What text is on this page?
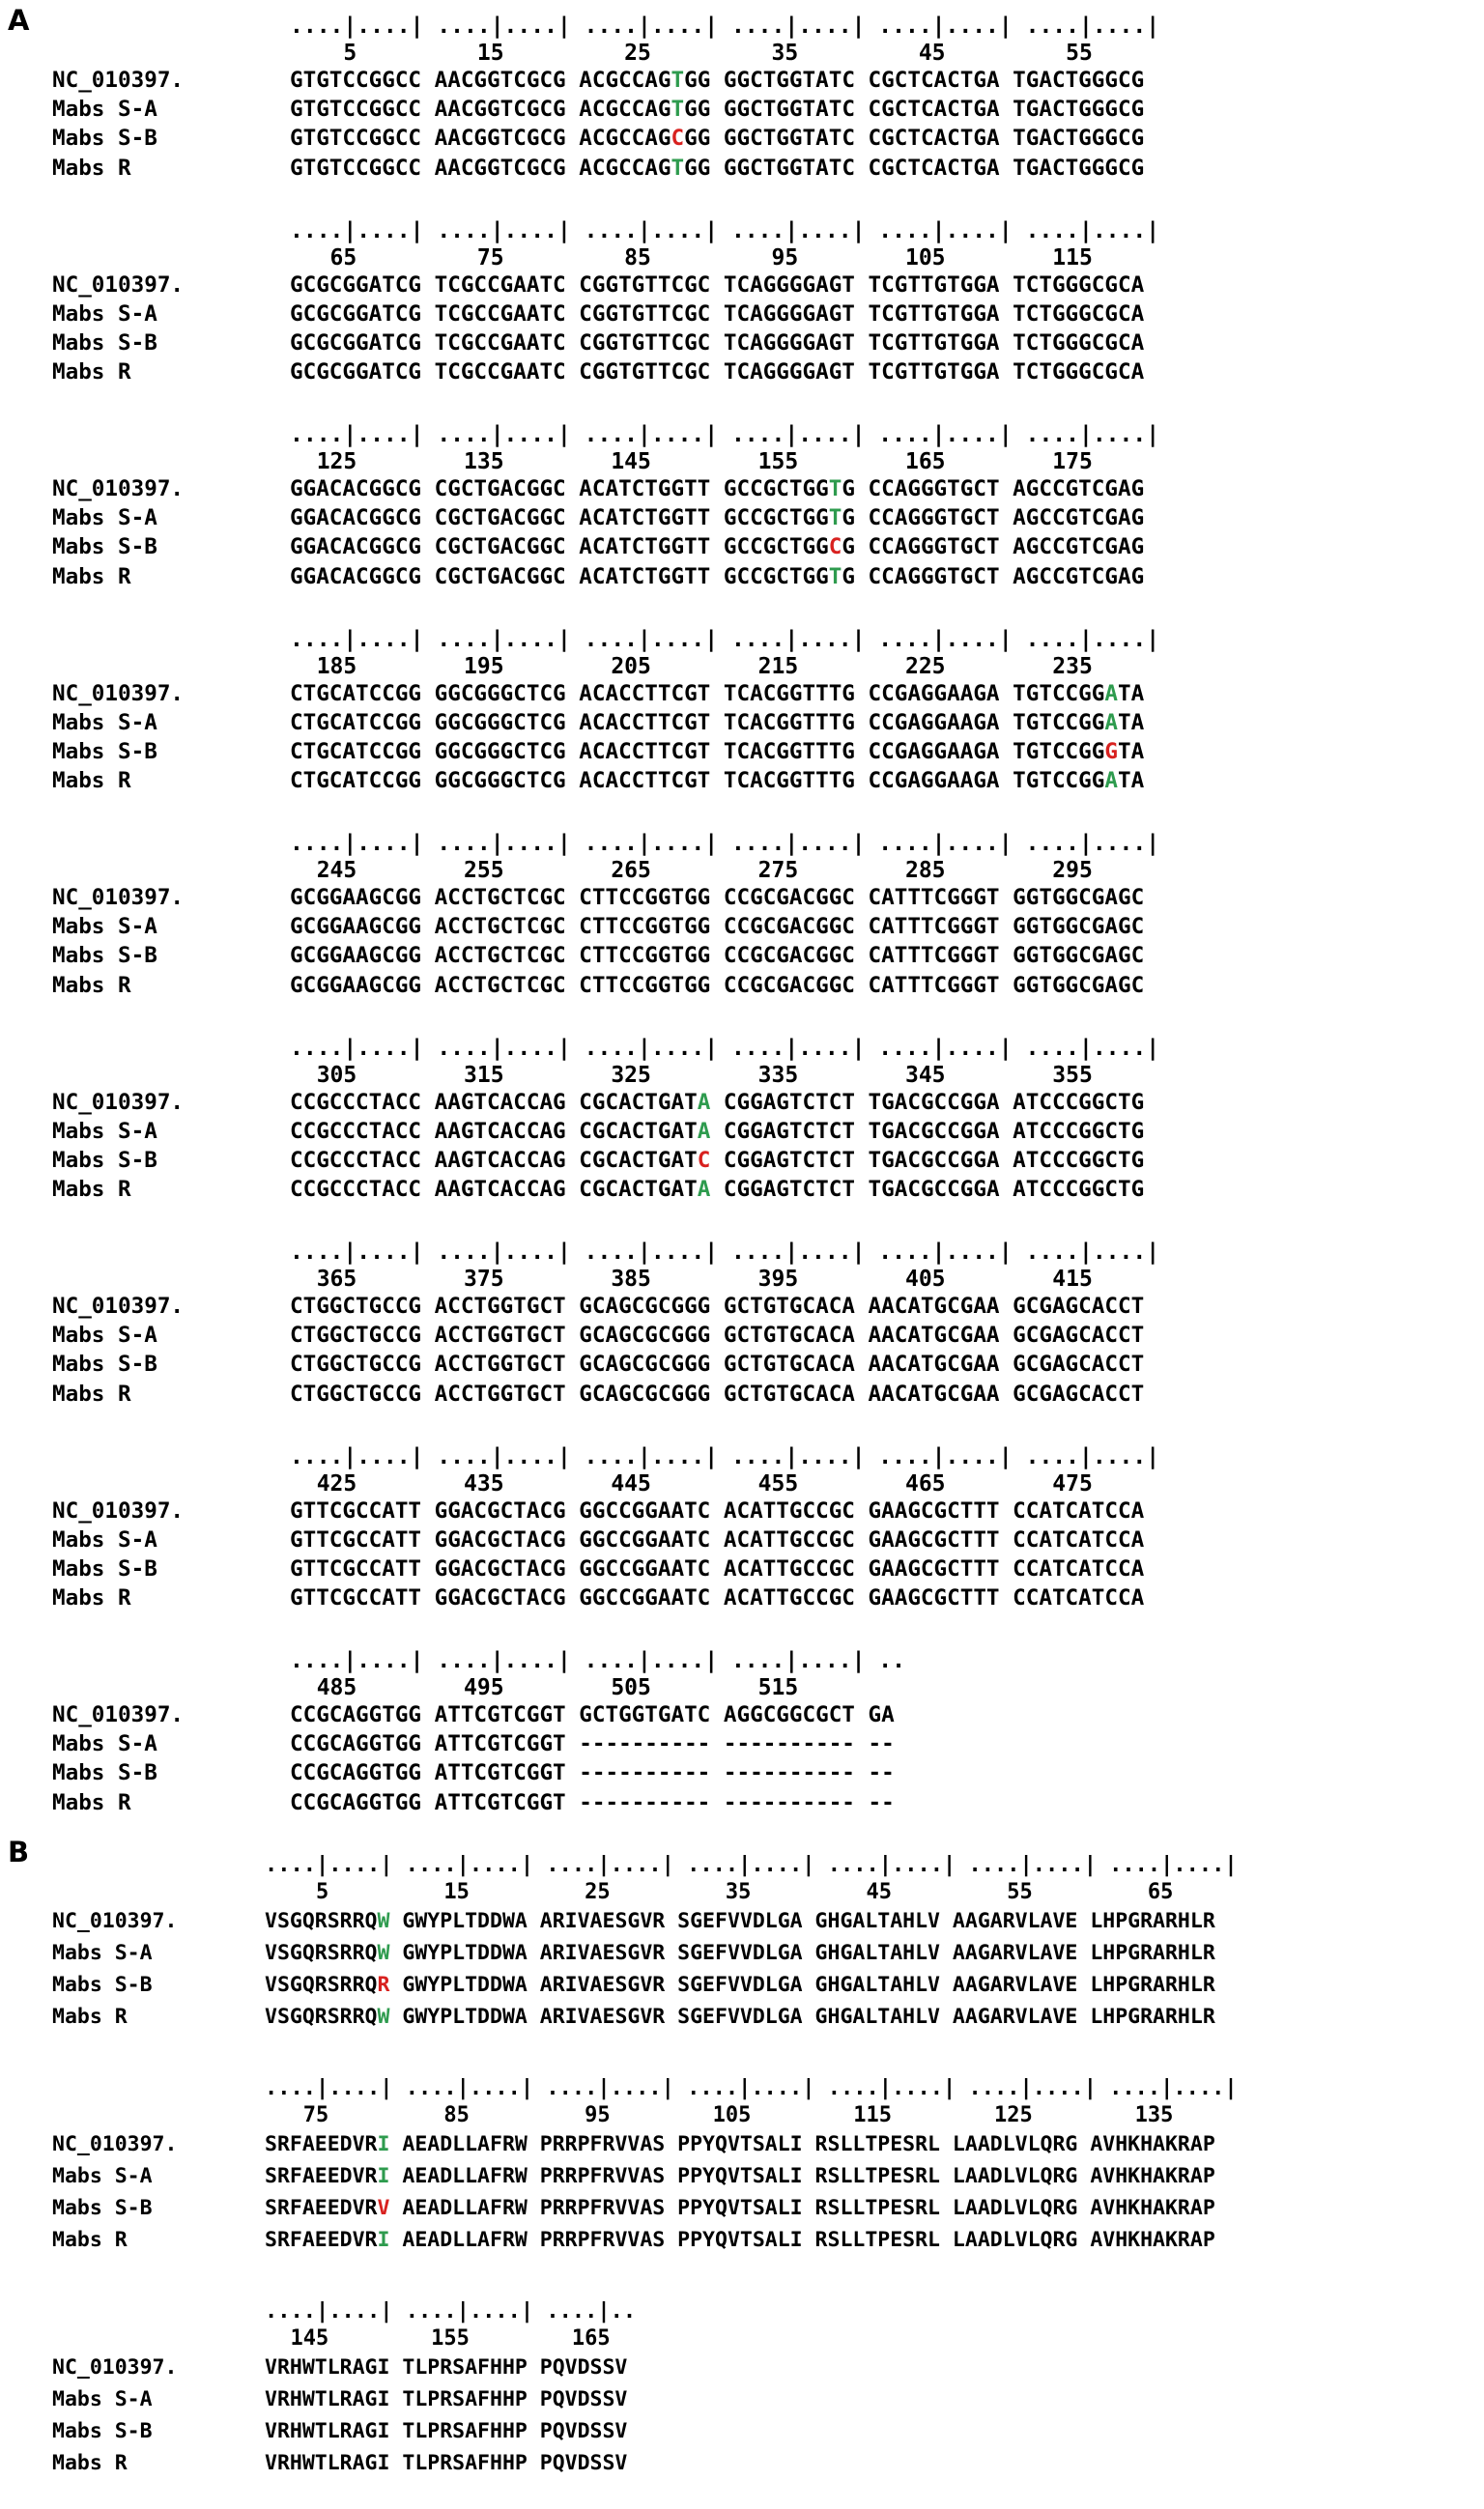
A	....|....| ....|....| ....|....| ....|....| ....|....| ....|....|
5         15         25         35         45         55
NC_010397.	GTGTCCGGCC AACGGTCGCG ACGCCAGTGG GGCTGGTATC CGCTCACTGA TGACTGGGCG
Mabs S-A	GTGTCCGGCC AACGGTCGCG ACGCCAGTGG GGCTGGTATC CGCTCACTGA TGACTGGGCG
Mabs S-B	GTGTCCGGCC AACGGTCGCG ACGCCAGCGG GGCTGGTATC CGCTCACTGA TGACTGGGCG
Mabs R	GTGTCCGGCC AACGGTCGCG ACGCCAGTGG GGCTGGTATC CGCTCACTGA TGACTGGGCG
....|....| ....|....| ....|....| ....|....| ....|....| ....|....|
65         75         85         95        105        115
NC_010397.	GCGCGGATCG TCGCCGAATC CGGTGTTCGC TCAGGGGAGT TCGTTGTGGA TCTGGGCGCA
Mabs S-A	GCGCGGATCG TCGCCGAATC CGGTGTTCGC TCAGGGGAGT TCGTTGTGGA TCTGGGCGCA
Mabs S-B	GCGCGGATCG TCGCCGAATC CGGTGTTCGC TCAGGGGAGT TCGTTGTGGA TCTGGGCGCA
Mabs R	GCGCGGATCG TCGCCGAATC CGGTGTTCGC TCAGGGGAGT TCGTTGTGGA TCTGGGCGCA
....|....| ....|....| ....|....| ....|....| ....|....| ....|....|
125        135        145        155        165        175
NC_010397.	GGACACGGCG CGCTGACGGC ACATCTGGTT GCCGCTGGTG CCAGGGTGCT AGCCGTCGAG
Mabs S-A	GGACACGGCG CGCTGACGGC ACATCTGGTT GCCGCTGGTG CCAGGGTGCT AGCCGTCGAG
Mabs S-B	GGACACGGCG CGCTGACGGC ACATCTGGTT GCCGCTGGCG CCAGGGTGCT AGCCGTCGAG
Mabs R	GGACACGGCG CGCTGACGGC ACATCTGGTT GCCGCTGGTG CCAGGGTGCT AGCCGTCGAG
....|....| ....|....| ....|....| ....|....| ....|....| ....|....|
185        195        205        215        225        235
NC_010397.	CTGCATCCGG GGCGGGCTCG ACACCTTCGT TCACGGTTTG CCGAGGAAGA TGTCCGGATA
Mabs S-A	CTGCATCCGG GGCGGGCTCG ACACCTTCGT TCACGGTTTG CCGAGGAAGA TGTCCGGATA
Mabs S-B	CTGCATCCGG GGCGGGCTCG ACACCTTCGT TCACGGTTTG CCGAGGAAGA TGTCCGGGTA
Mabs R	CTGCATCCGG GGCGGGCTCG ACACCTTCGT TCACGGTTTG CCGAGGAAGA TGTCCGGATA
....|....| ....|....| ....|....| ....|....| ....|....| ....|....|
245        255        265        275        285        295
NC_010397.	GCGGAAGCGG ACCTGCTCGC CTTCCGGTGG CCGCGACGGC CATTTCGGGT GGTGGCGAGC
Mabs S-A	GCGGAAGCGG ACCTGCTCGC CTTCCGGTGG CCGCGACGGC CATTTCGGGT GGTGGCGAGC
Mabs S-B	GCGGAAGCGG ACCTGCTCGC CTTCCGGTGG CCGCGACGGC CATTTCGGGT GGTGGCGAGC
Mabs R	GCGGAAGCGG ACCTGCTCGC CTTCCGGTGG CCGCGACGGC CATTTCGGGT GGTGGCGAGC
....|....| ....|....| ....|....| ....|....| ....|....| ....|....|
305        315        325        335        345        355
NC_010397.	CCGCCCTACC AAGTCACCAG CGCACTGATA CGGAGTCTCT TGACGCCGGA ATCCCGGCTG
Mabs S-A	CCGCCCTACC AAGTCACCAG CGCACTGATA CGGAGTCTCT TGACGCCGGA ATCCCGGCTG
Mabs S-B	CCGCCCTACC AAGTCACCAG CGCACTGATC CGGAGTCTCT TGACGCCGGA ATCCCGGCTG
Mabs R	CCGCCCTACC AAGTCACCAG CGCACTGATA CGGAGTCTCT TGACGCCGGA ATCCCGGCTG
....|....| ....|....| ....|....| ....|....| ....|....| ....|....|
365        375        385        395        405        415
NC_010397.	CTGGCTGCCG ACCTGGTGCT GCAGCGCGGG GCTGTGCACA AACATGCGAA GCGAGCACCT
Mabs S-A	CTGGCTGCCG ACCTGGTGCT GCAGCGCGGG GCTGTGCACA AACATGCGAA GCGAGCACCT
Mabs S-B	CTGGCTGCCG ACCTGGTGCT GCAGCGCGGG GCTGTGCACA AACATGCGAA GCGAGCACCT
Mabs R	CTGGCTGCCG ACCTGGTGCT GCAGCGCGGG GCTGTGCACA AACATGCGAA GCGAGCACCT
....|....| ....|....| ....|....| ....|....| ....|....| ....|....|
425        435        445        455        465        475
NC_010397.	GTTCGCCATT GGACGCTACG GGCCGGAATC ACATTGCCGC GAAGCGCTTT CCATCATCCA
Mabs S-A	GTTCGCCATT GGACGCTACG GGCCGGAATC ACATTGCCGC GAAGCGCTTT CCATCATCCA
Mabs S-B	GTTCGCCATT GGACGCTACG GGCCGGAATC ACATTGCCGC GAAGCGCTTT CCATCATCCA
Mabs R	GTTCGCCATT GGACGCTACG GGCCGGAATC ACATTGCCGC GAAGCGCTTT CCATCATCCA
....|....| ....|....| ....|....| ....|....| ..
485        495        505        515
NC_010397.	CCGCAGGTGG ATTCGTCGGT GCTGGTGATC AGGCGGCGCT GA
Mabs S-A	CCGCAGGTGG ATTCGTCGGT ---------- ---------- --
Mabs S-B	CCGCAGGTGG ATTCGTCGGT ---------- ---------- --
Mabs R	CCGCAGGTGG ATTCGTCGGT ---------- ---------- --
B	....|....| ....|....| ....|....| ....|....| ....|....| ....|....| ....|....|
5         15         25         35         45         55         65
NC_010397.	VSGQRSRRQW GWYPLTDDWA ARIVAESGVR SGEFVVDLGA GHGALTAHLV AAGARVLAVE LHPGRARHLR
Mabs S-A	VSGQRSRRQW GWYPLTDDWA ARIVAESGVR SGEFVVDLGA GHGALTAHLV AAGARVLAVE LHPGRARHLR
Mabs S-B	VSGQRSRRQR GWYPLTDDWA ARIVAESGVR SGEFVVDLGA GHGALTAHLV AAGARVLAVE LHPGRARHLR
Mabs R	VSGQRSRRQW GWYPLTDDWA ARIVAESGVR SGEFVVDLGA GHGALTAHLV AAGARVLAVE LHPGRARHLR
....|....| ....|....| ....|....| ....|....| ....|....| ....|....| ....|....|
75         85         95        105        115        125        135
NC_010397.	SRFAEEDVRI AEADLLAFRW PRRPFRVVAS PPYQVTSALI RSLLTPESRL LAADLVLQRG AVHKHAKRAP
Mabs S-A	SRFAEEDVRI AEADLLAFRW PRRPFRVVAS PPYQVTSALI RSLLTPESRL LAADLVLQRG AVHKHAKRAP
Mabs S-B	SRFAEEDVRV AEADLLAFRW PRRPFRVVAS PPYQVTSALI RSLLTPESRL LAADLVLQRG AVHKHAKRAP
Mabs R	SRFAEEDVRI AEADLLAFRW PRRPFRVVAS PPYQVTSALI RSLLTPESRL LAADLVLQRG AVHKHAKRAP
....|....| ....|....| ....|..
145        155        165
NC_010397.	VRHWTLRAGI TLPRSAFHHP PQVDSSV
Mabs S-A	VRHWTLRAGI TLPRSAFHHP PQVDSSV
Mabs S-B	VRHWTLRAGI TLPRSAFHHP PQVDSSV
Mabs R	VRHWTLRAGI TLPRSAFHHP PQVDSSV
